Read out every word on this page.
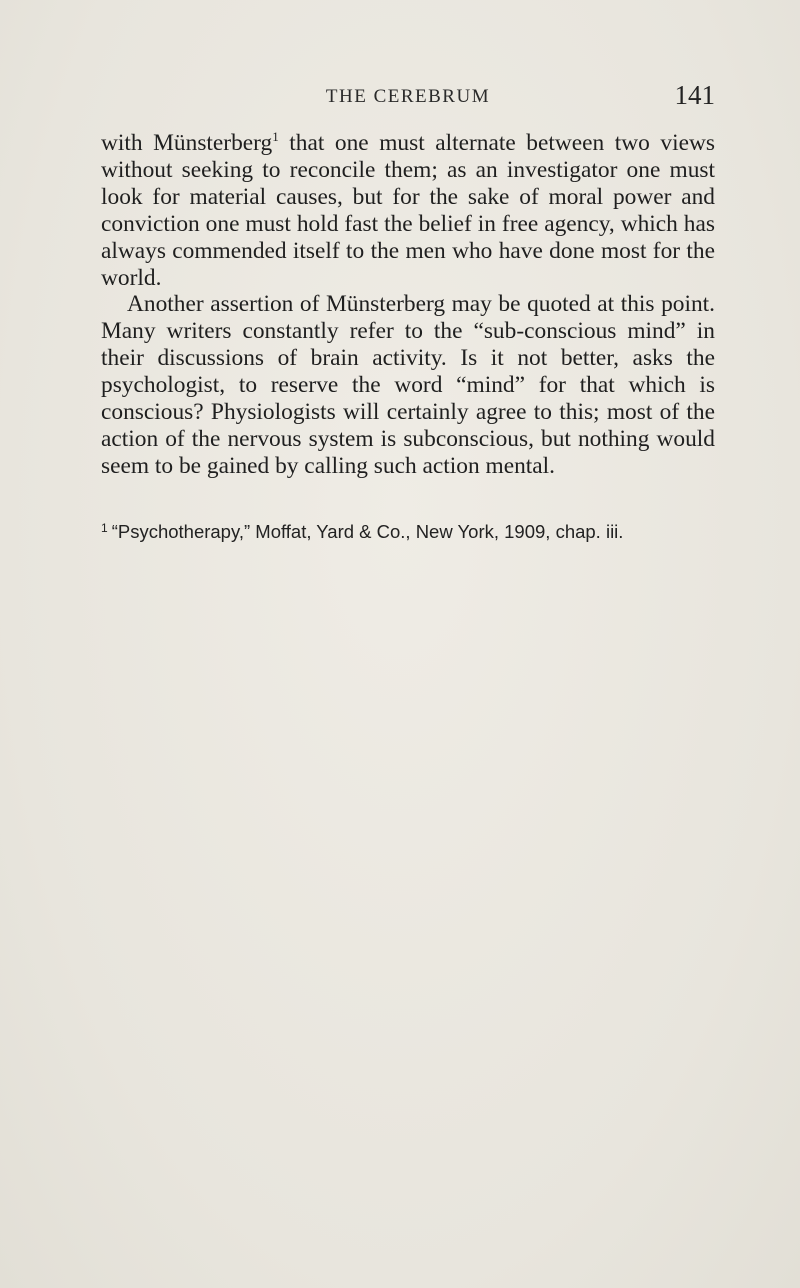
THE CEREBRUM	141

with Münsterberg$^1$ that one must alternate between two views without seeking to reconcile them; as an investigator one must look for material causes, but for the sake of moral power and conviction one must hold fast the belief in free agency, which has always commended itself to the men who have done most for the world.

Another assertion of Münsterberg may be quoted at this point. Many writers constantly refer to the “sub-conscious mind” in their discussions of brain activity. Is it not better, asks the psychologist, to reserve the word “mind” for that which is conscious? Physiologists will certainly agree to this; most of the action of the nervous system is subconscious, but nothing would seem to be gained by calling such action mental.

$^1$ “Psychotherapy,” Moffat, Yard & Co., New York, 1909, chap. iii.
